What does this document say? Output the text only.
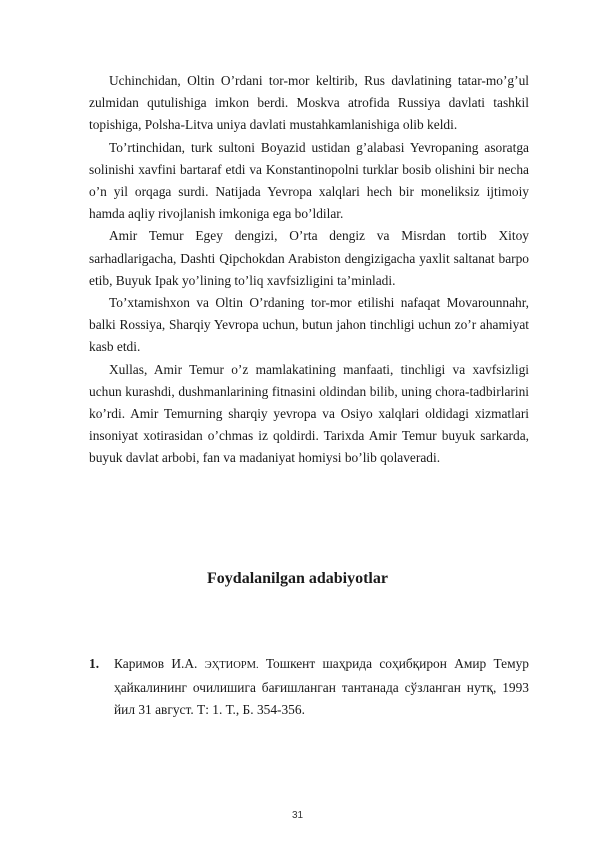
Uchinchidan, Oltin O’rdani tor-mor keltirib, Rus davlatining tatar-mo’g’ul zulmidan qutulishiga imkon berdi. Moskva atrofida Russiya davlati tashkil topishiga, Polsha-Litva uniya davlati mustahkamlanishiga olib keldi.

To’rtinchidan, turk sultoni Boyazid ustidan g’alabasi Yevropaning asoratga solinishi xavfini bartaraf etdi va Konstantinopolni turklar bosib olishini bir necha o’n yil orqaga surdi. Natijada Yevropa xalqlari hech bir moneliksiz ijtimoiy hamda aqliy rivojlanish imkoniga ega bo’ldilar.

Amir Temur Egey dengizi, O’rta dengiz va Misrdan tortib Xitoy sarhadlarigacha, Dashti Qipchokdan Arabiston dengizigacha yaxlit saltanat barpo etib, Buyuk Ipak yo’lining to’liq xavfsizligini ta’minladi.

To’xtamishxon va Oltin O’rdaning tor-mor etilishi nafaqat Movarounnahr, balki Rossiya, Sharqiy Yevropa uchun, butun jahon tinchligi uchun zo’r ahamiyat kasb etdi.

Xullas, Amir Temur o’z mamlakatining manfaati, tinchligi va xavfsizligi uchun kurashdi, dushmanlarining fitnasini oldindan bilib, uning chora-tadbirlarini ko’rdi. Amir Temurning sharqiy yevropa va Osiyo xalqlari oldidagi xizmatlari insoniyat xotirasidan o’chmas iz qoldirdi. Tarixda Amir Temur buyuk sarkarda, buyuk davlat arbobi, fan va madaniyat homiysi bo’lib qolaveradi.

Foydalanilgan adabiyotlar
1. Каримов И.А. ЭҲТИОРМ. Тошкент шаҳрида соҳибқирон Амир Темур ҳайкалининг очилишига бағишланган тантанада сўзланган нутқ, 1993 йил 31 август. Т: 1. Т., Б. 354-356.
31
